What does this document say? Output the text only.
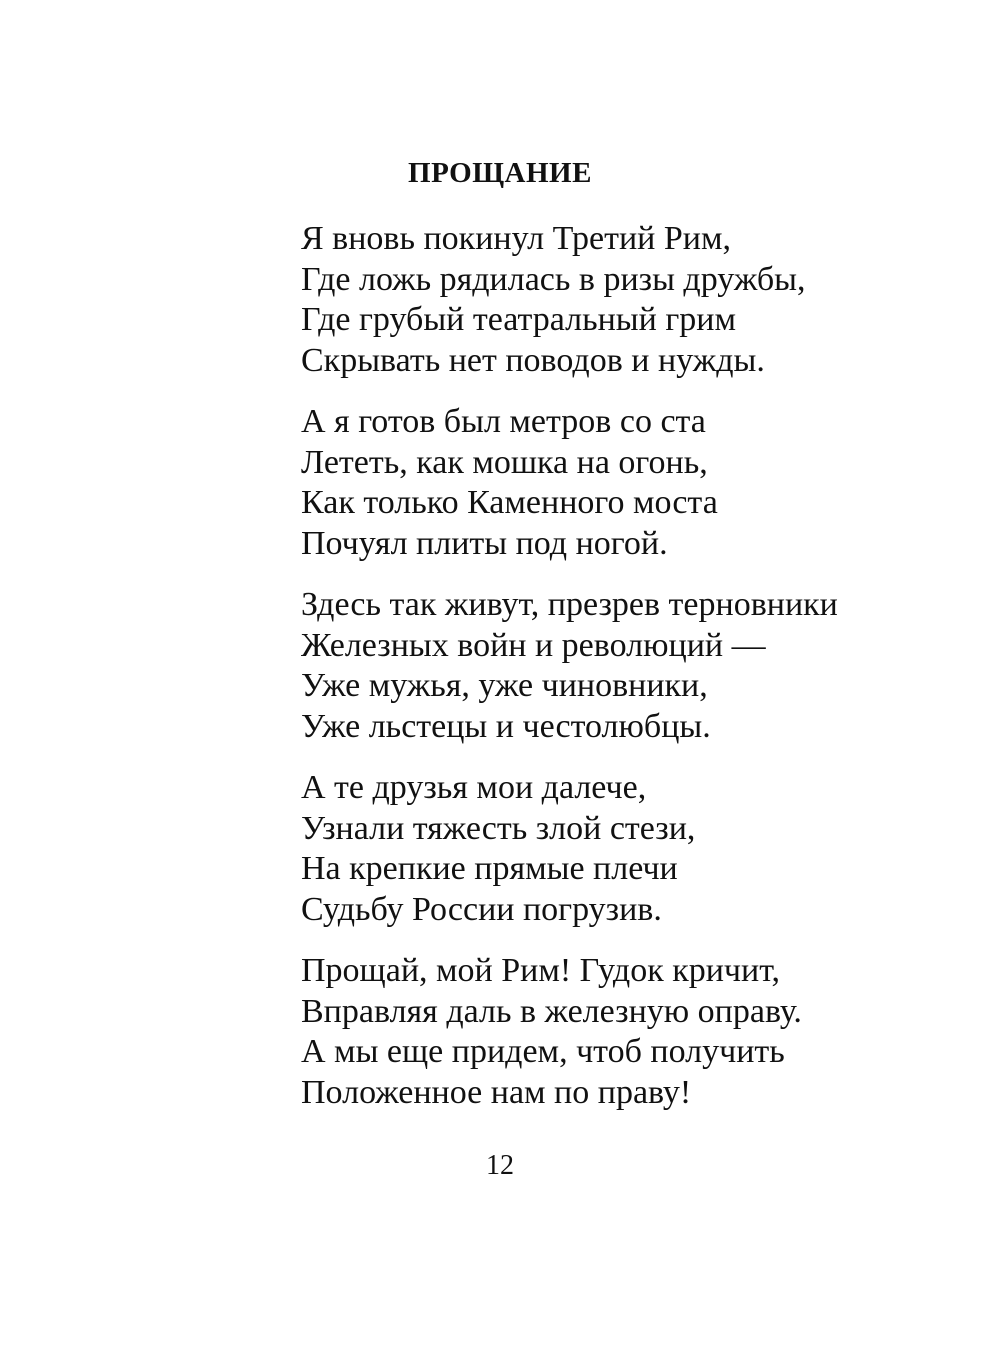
ПРОЩАНИЕ
Я вновь покинул Третий Рим,
Где ложь рядилась в ризы дружбы,
Где грубый театральный грим
Скрывать нет поводов и нужды.
А я готов был метров со ста
Лететь, как мошка на огонь,
Как только Каменного моста
Почуял плиты под ногой.
Здесь так живут, презрев терновники
Железных войн и революций —
Уже мужья, уже чиновники,
Уже льстецы и честолюбцы.
А те друзья мои далече,
Узнали тяжесть злой стези,
На крепкие прямые плечи
Судьбу России погрузив.
Прощай, мой Рим! Гудок кричит,
Вправляя даль в железную оправу.
А мы еще придем, чтоб получить
Положенное нам по праву!
12
